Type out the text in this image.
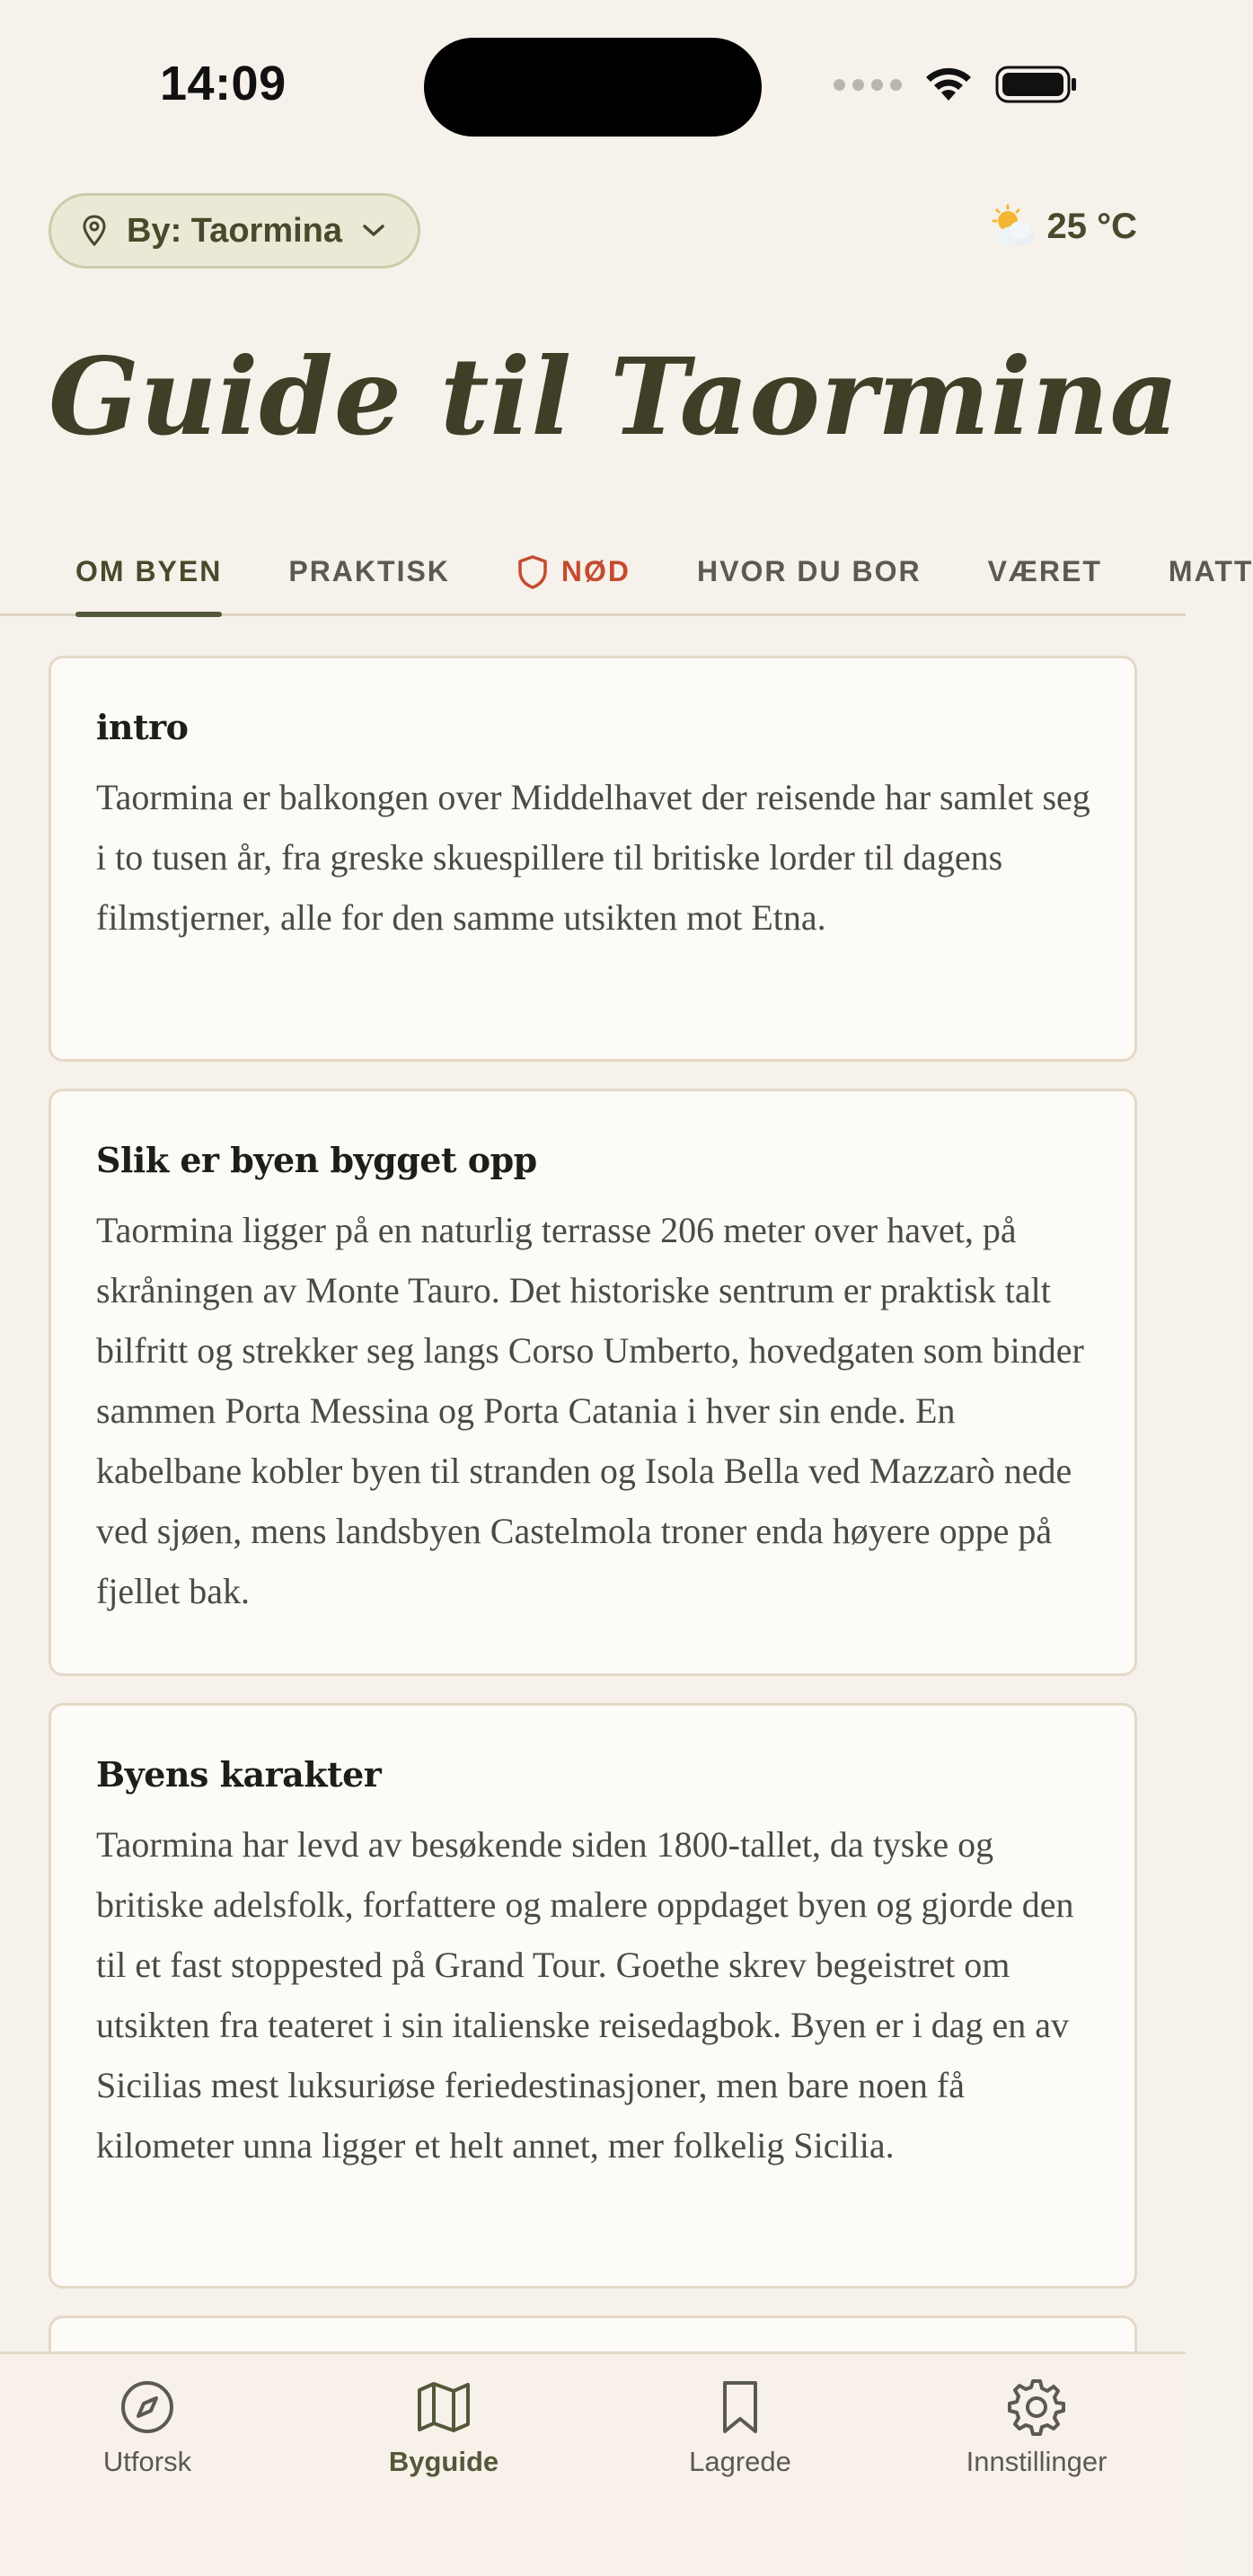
14:09
By: Taormina	25 °C
Guide til Taormina
OM BYEN PRAKTISK	NØD HVOR DU BOR VÆRET MATT
intro

Taormina er balkongen over Middelhavet der reisende har samlet seg i to tusen år, fra greske skuespillere til britiske lorder til dagens filmstjerner, alle for den samme utsikten mot Etna.

Slik er byen bygget opp

Taormina ligger på en naturlig terrasse 206 meter over havet, på skråningen av Monte Tauro. Det historiske sentrum er praktisk talt bilfritt og strekker seg langs Corso Umberto, hovedgaten som binder sammen Porta Messina og Porta Catania i hver sin ende. En kabelbane kobler byen til stranden og Isola Bella ved Mazzarò nede ved sjøen, mens landsbyen Castelmola troner enda høyere oppe på fjellet bak.

Byens karakter

Taormina har levd av besøkende siden 1800-tallet, da tyske og britiske adelsfolk, forfattere og malere oppdaget byen og gjorde den til et fast stoppested på Grand Tour. Goethe skrev begeistret om utsikten fra teateret i sin italienske reisedagbok. Byen er i dag en av Sicilias mest luksuriøse feriedestinasjoner, men bare noen få kilometer unna ligger et helt annet, mer folkelig Sicilia.

Utforsk	Byguide	Lagrede	Innstillinger
